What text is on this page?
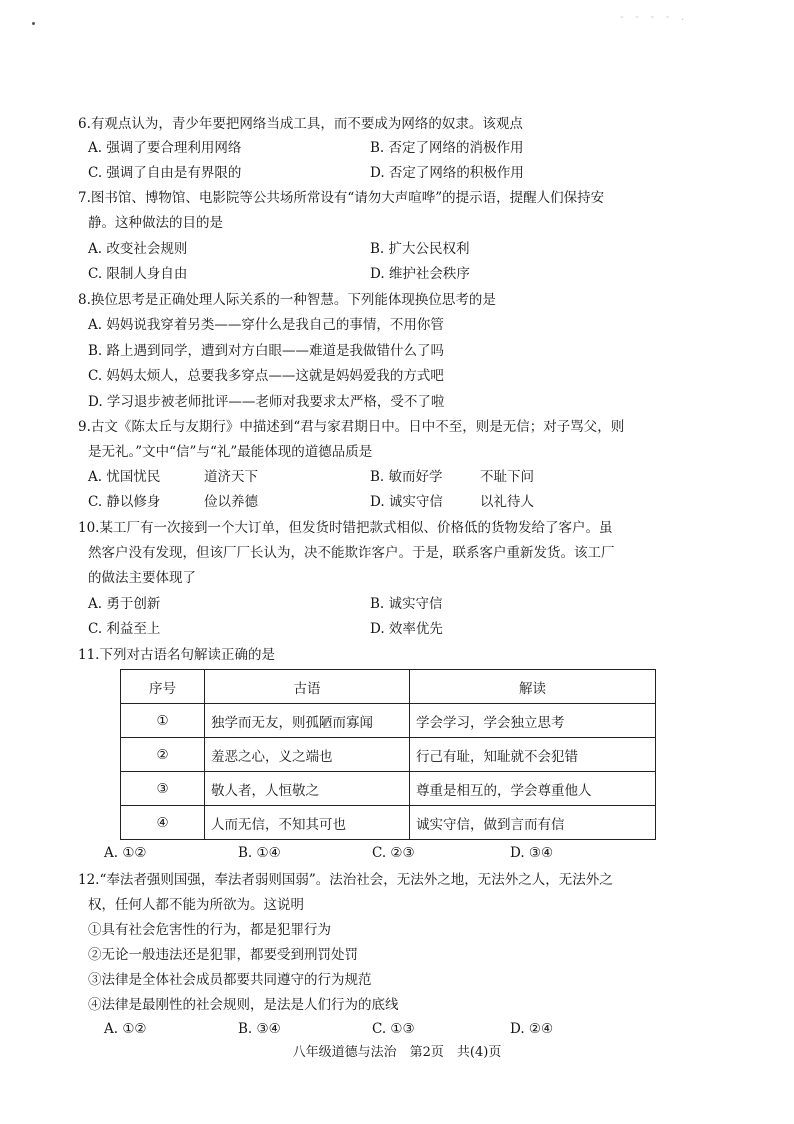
- - - - .
6.有观点认为，青少年要把网络当成工具，而不要成为网络的奴隶。该观点
A. 强调了要合理利用网络	B. 否定了网络的消极作用
C. 强调了自由是有界限的	D. 否定了网络的积极作用
7.图书馆、博物馆、电影院等公共场所常设有“请勿大声喧哗”的提示语，提醒人们保持安
静。这种做法的目的是
A. 改变社会规则	B. 扩大公民权利
C. 限制人身自由	D. 维护社会秩序
8.换位思考是正确处理人际关系的一种智慧。下列能体现换位思考的是
A. 妈妈说我穿着另类——穿什么是我自己的事情，不用你管
B. 路上遇到同学，遭到对方白眼——难道是我做错什么了吗
C. 妈妈太烦人，总要我多穿点——这就是妈妈爱我的方式吧
D. 学习退步被老师批评——老师对我要求太严格，受不了啦
9.古文《陈太丘与友期行》中描述到“君与家君期日中。日中不至，则是无信；对子骂父，则
是无礼。”文中“信”与“礼”最能体现的道德品质是
A. 忧国忧民	道济天下	B. 敏而好学	不耻下问
C. 静以修身	俭以养德	D. 诚实守信	以礼待人
10.某工厂有一次接到一个大订单，但发货时错把款式相似、价格低的货物发给了客户。虽
然客户没有发现，但该厂厂长认为，决不能欺诈客户。于是，联系客户重新发货。该工厂
的做法主要体现了
A. 勇于创新	B. 诚实守信
C. 利益至上	D. 效率优先
11.下列对古语名句解读正确的是
序号	古语	解读
①	独学而无友，则孤陋而寡闻	学会学习，学会独立思考
②	羞恶之心，义之端也	行己有耻，知耻就不会犯错
③	敬人者，人恒敬之	尊重是相互的，学会尊重他人
④	人而无信，不知其可也	诚实守信，做到言而有信
A. ①②	B. ①④	C. ②③	D. ③④
12.“奉法者强则国强，奉法者弱则国弱”。法治社会，无法外之地，无法外之人，无法外之
权，任何人都不能为所欲为。这说明
①具有社会危害性的行为，都是犯罪行为
②无论一般违法还是犯罪，都要受到刑罚处罚
③法律是全体社会成员都要共同遵守的行为规范
④法律是最刚性的社会规则，是法是人们行为的底线
A. ①②	B. ③④	C. ①③	D. ②④
八年级道德与法治　第2页　共(4)页
